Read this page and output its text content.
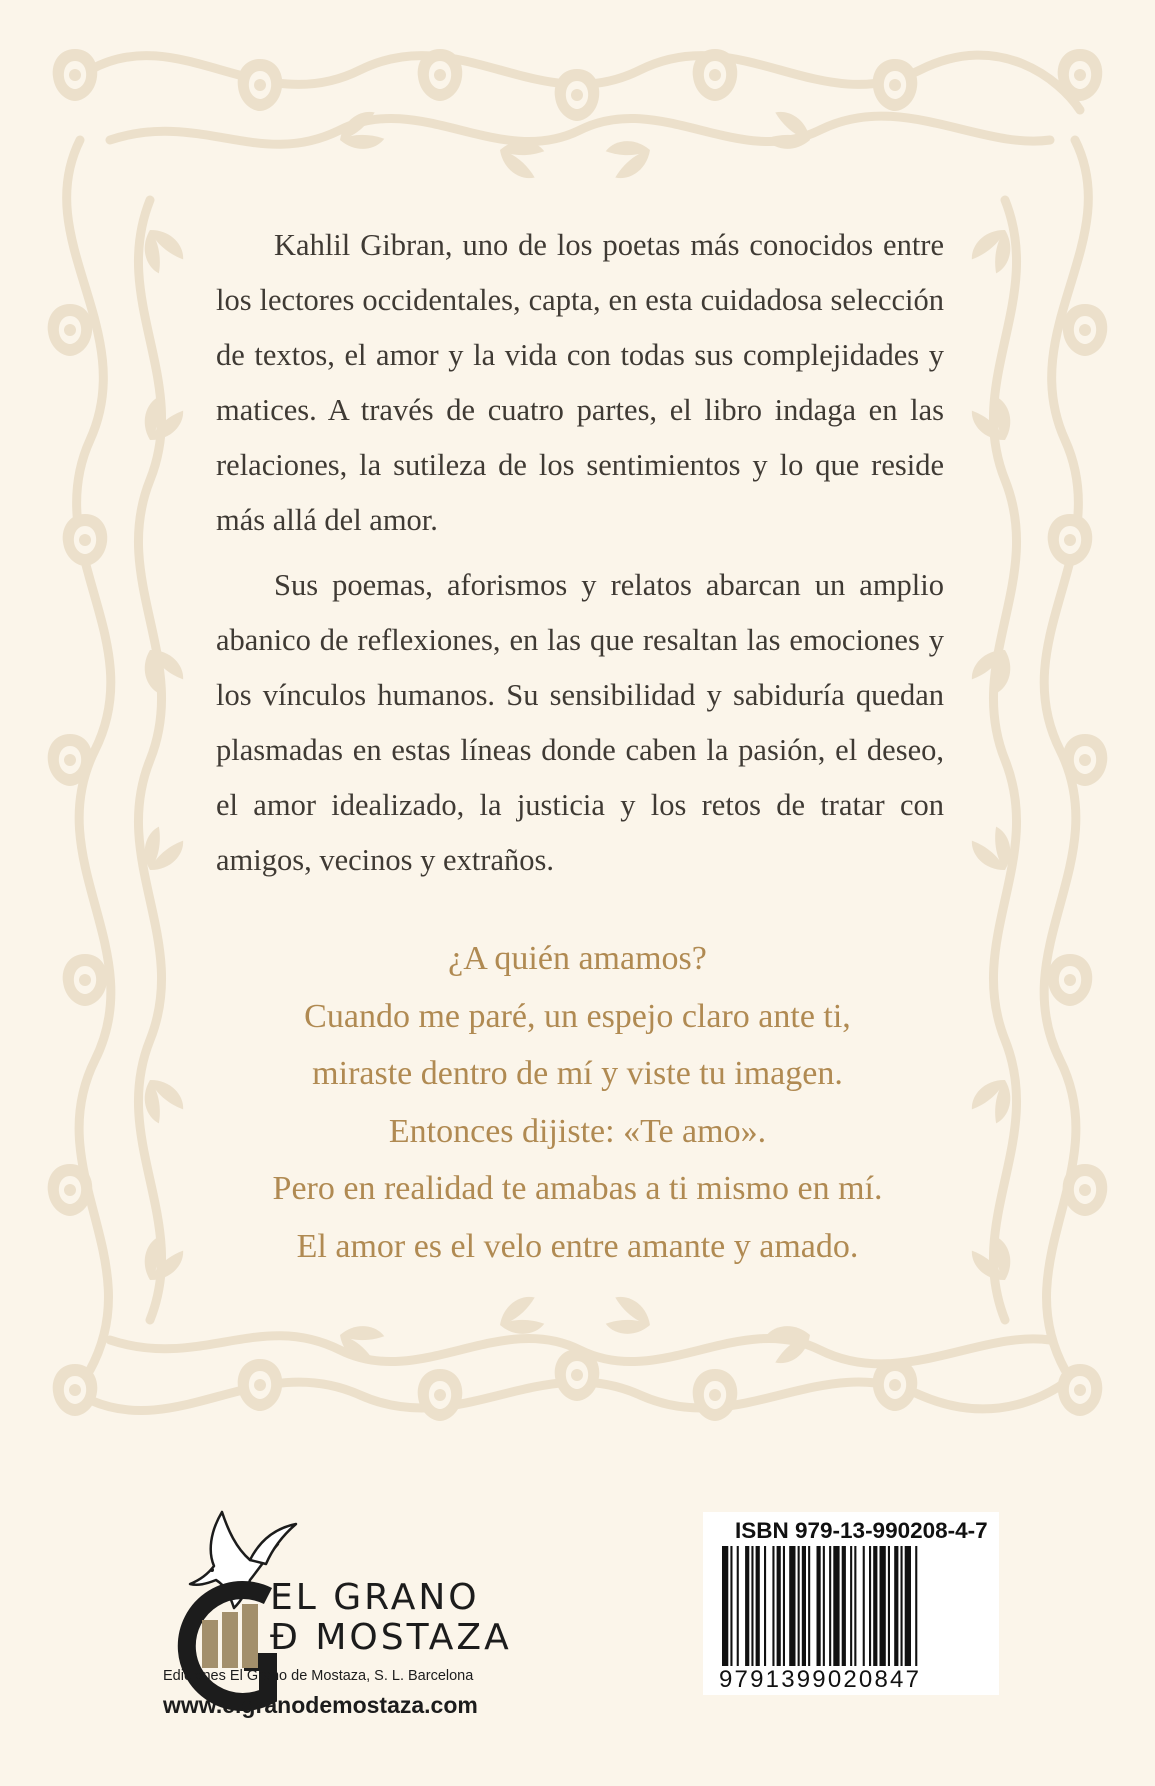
Kahlil Gibran, uno de los poetas más conocidos entre los lectores occidentales, capta, en esta cuidadosa selección de textos, el amor y la vida con todas sus complejidades y matices. A través de cuatro partes, el libro indaga en las relaciones, la sutileza de los sentimientos y lo que reside más allá del amor.

Sus poemas, aforismos y relatos abarcan un amplio abanico de reflexiones, en las que resaltan las emociones y los vínculos humanos. Su sensibilidad y sabiduría quedan plasmadas en estas líneas donde caben la pasión, el deseo, el amor idealizado, la justicia y los retos de tratar con amigos, vecinos y extraños.

¿A quién amamos?
Cuando me paré, un espejo claro ante ti,
miraste dentro de mí y viste tu imagen.
Entonces dijiste: «Te amo».
Pero en realidad te amabas a ti mismo en mí.
El amor es el velo entre amante y amado.
EL GRANO
Đ MOSTAZA
Ediciones El Grano de Mostaza, S. L. Barcelona
www.elgranodemostaza.com
ISBN 979-13-990208-4-7
9791399020847
